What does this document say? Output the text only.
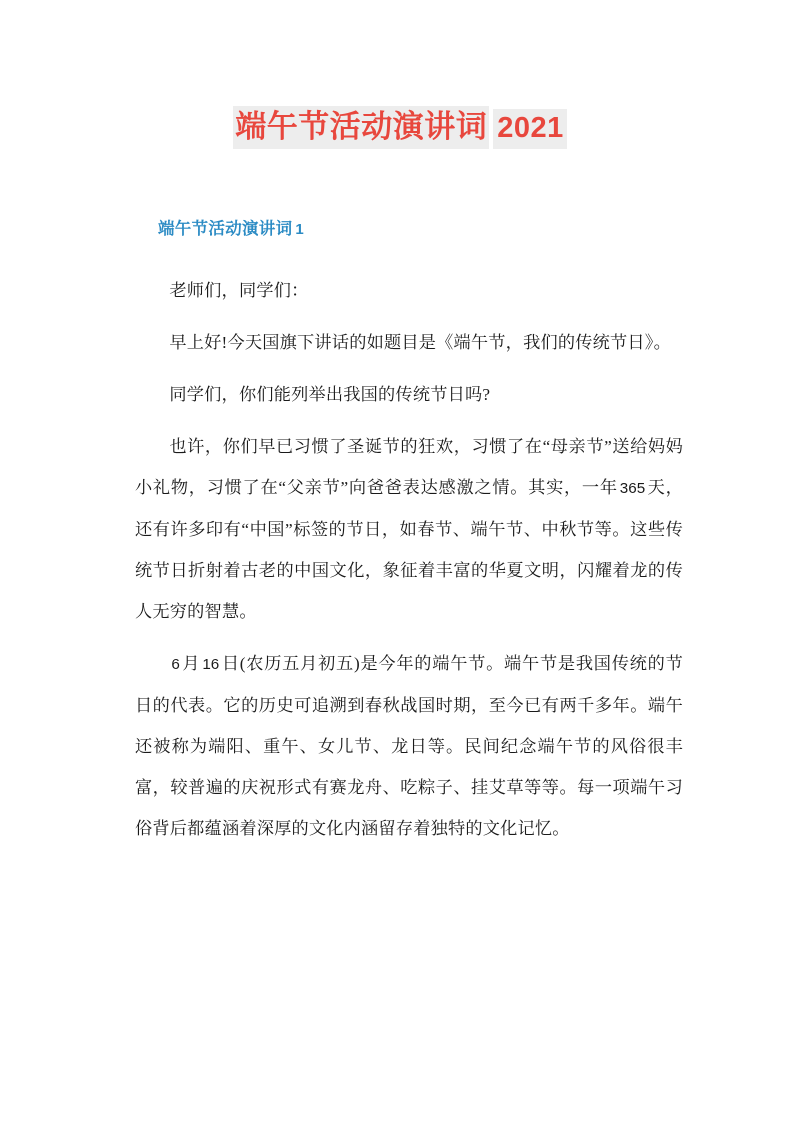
端午节活动演讲词 2021
端午节活动演讲词 1

老师们，同学们：

早上好!今天国旗下讲话的如题目是《端午节，我们的传统节日》。

同学们，你们能列举出我国的传统节日吗?

也许，你们早已习惯了圣诞节的狂欢，习惯了在“母亲节”送给妈妈小礼物，习惯了在“父亲节”向爸爸表达感激之情。其实，一年 365 天，还有许多印有“中国”标签的节日，如春节、端午节、中秋节等。这些传统节日折射着古老的中国文化，象征着丰富的华夏文明，闪耀着龙的传人无穷的智慧。

6 月 16 日(农历五月初五)是今年的端午节。端午节是我国传统的节日的代表。它的历史可追溯到春秋战国时期，至今已有两千多年。端午还被称为端阳、重午、女儿节、龙日等。民间纪念端午节的风俗很丰富，较普遍的庆祝形式有赛龙舟、吃粽子、挂艾草等等。每一项端午习俗背后都蕴涵着深厚的文化内涵留存着独特的文化记忆。
